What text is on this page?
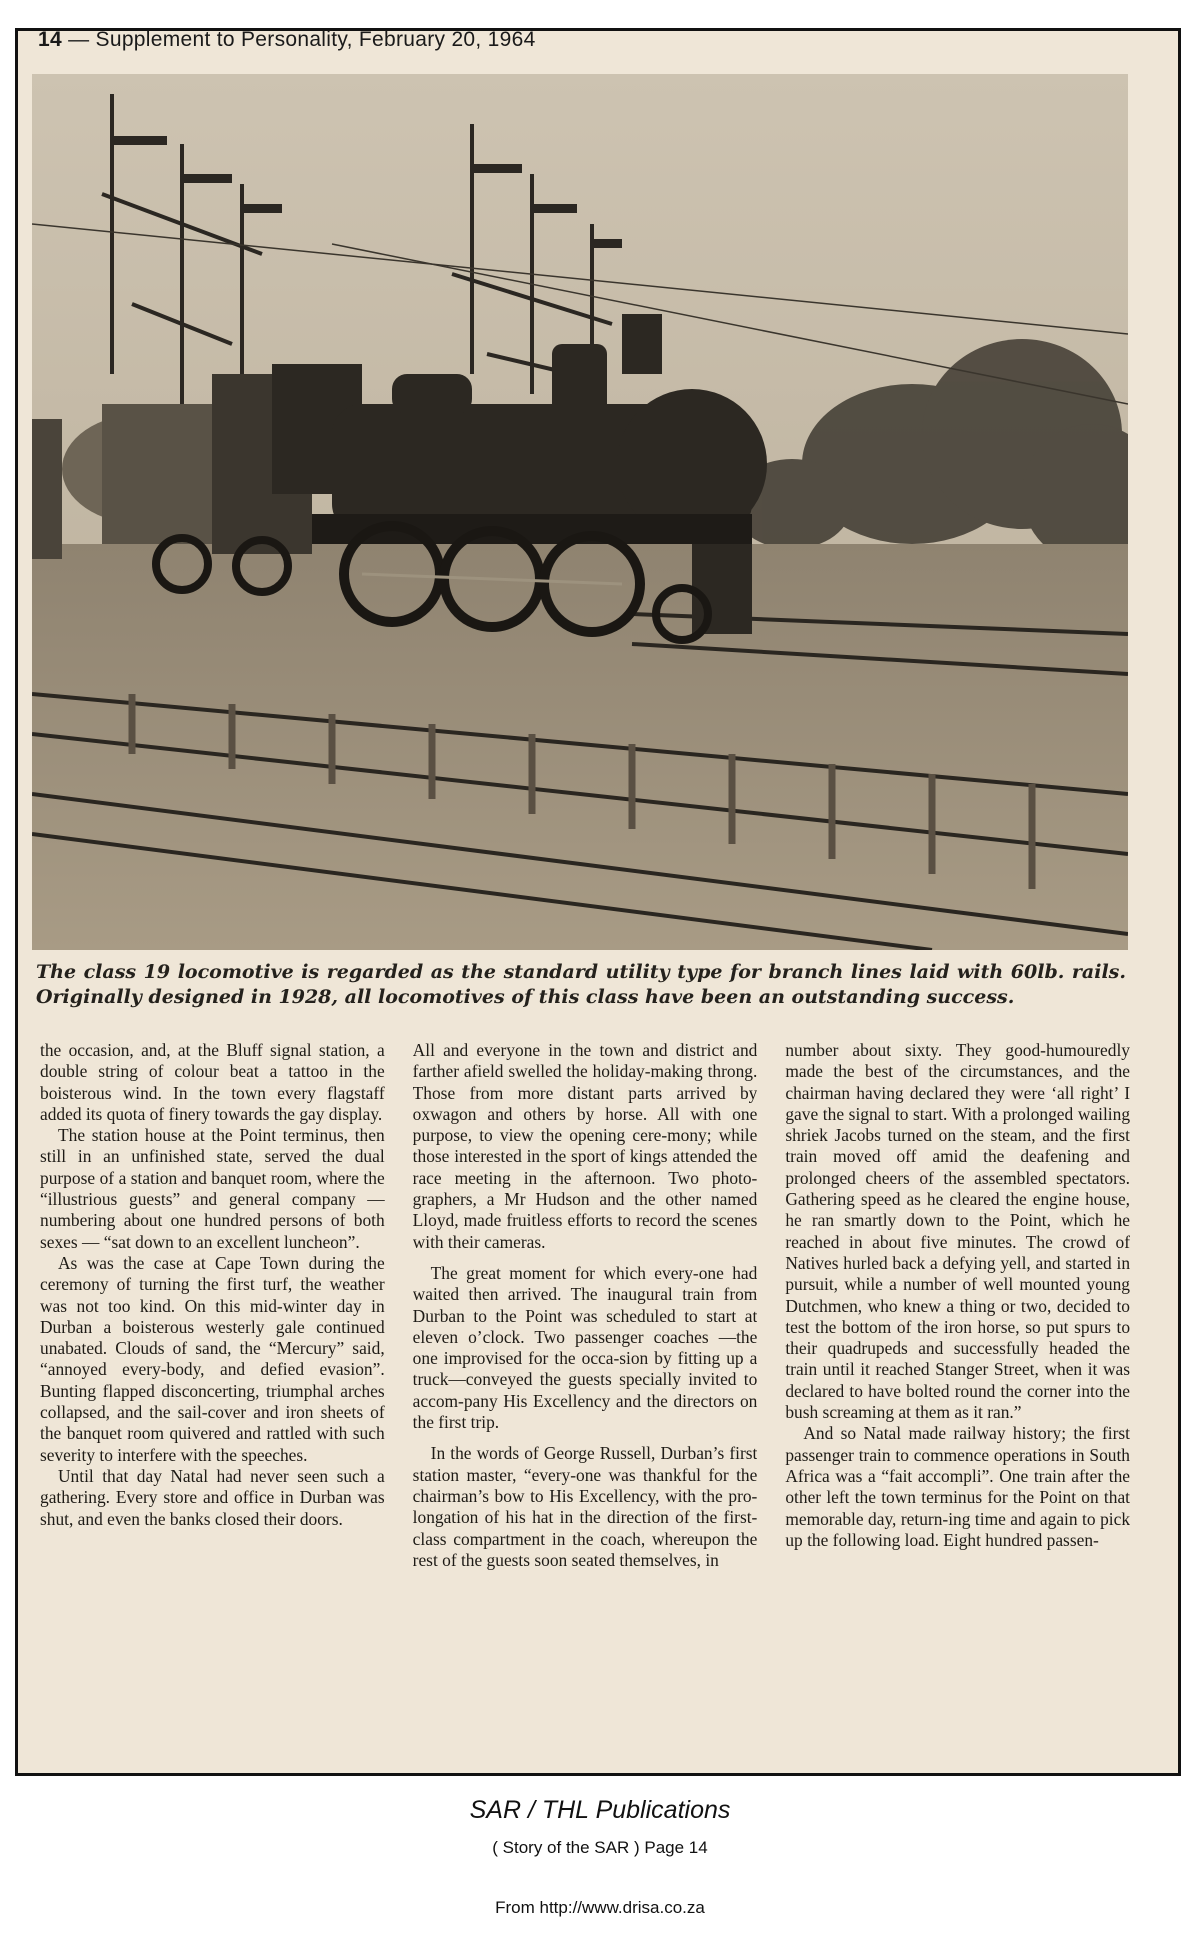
14 — Supplement to Personality, February 20, 1964
The class 19 locomotive is regarded as the standard utility type for branch lines laid with 60lb. rails. Originally designed in 1928, all locomotives of this class have been an outstanding success.

the occasion, and, at the Bluff signal station, a double string of colour beat a tattoo in the boisterous wind. In the town every flagstaff added its quota of finery towards the gay display.

The station house at the Point terminus, then still in an unfinished state, served the dual purpose of a station and banquet room, where the “illustrious guests” and general company — numbering about one hundred persons of both sexes — “sat down to an excellent luncheon”.

As was the case at Cape Town during the ceremony of turning the first turf, the weather was not too kind. On this mid-winter day in Durban a boisterous westerly gale continued unabated. Clouds of sand, the “Mercury” said, “annoyed every-body, and defied evasion”. Bunting flapped disconcerting, triumphal arches collapsed, and the sail-cover and iron sheets of the banquet room quivered and rattled with such severity to interfere with the speeches.

Until that day Natal had never seen such a gathering. Every store and office in Durban was shut, and even the banks closed their doors.

All and everyone in the town and district and farther afield swelled the holiday-making throng. Those from more distant parts arrived by oxwagon and others by horse. All with one purpose, to view the opening cere-mony; while those interested in the sport of kings attended the race meeting in the afternoon. Two photo-graphers, a Mr Hudson and the other named Lloyd, made fruitless efforts to record the scenes with their cameras.

The great moment for which every-one had waited then arrived. The inaugural train from Durban to the Point was scheduled to start at eleven o’clock. Two passenger coaches —the one improvised for the occa-sion by fitting up a truck—conveyed the guests specially invited to accom-pany His Excellency and the directors on the first trip.

In the words of George Russell, Durban’s first station master, “every-one was thankful for the chairman’s bow to His Excellency, with the pro-longation of his hat in the direction of the first-class compartment in the coach, whereupon the rest of the guests soon seated themselves, in

number about sixty. They good-humouredly made the best of the circumstances, and the chairman having declared they were ‘all right’ I gave the signal to start. With a prolonged wailing shriek Jacobs turned on the steam, and the first train moved off amid the deafening and prolonged cheers of the assembled spectators. Gathering speed as he cleared the engine house, he ran smartly down to the Point, which he reached in about five minutes. The crowd of Natives hurled back a defying yell, and started in pursuit, while a number of well mounted young Dutchmen, who knew a thing or two, decided to test the bottom of the iron horse, so put spurs to their quadrupeds and successfully headed the train until it reached Stanger Street, when it was declared to have bolted round the corner into the bush screaming at them as it ran.”

And so Natal made railway history; the first passenger train to commence operations in South Africa was a “fait accompli”. One train after the other left the town terminus for the Point on that memorable day, return-ing time and again to pick up the following load. Eight hundred passen-

SAR / THL Publications
( Story of the SAR ) Page 14
From http://www.drisa.co.za
